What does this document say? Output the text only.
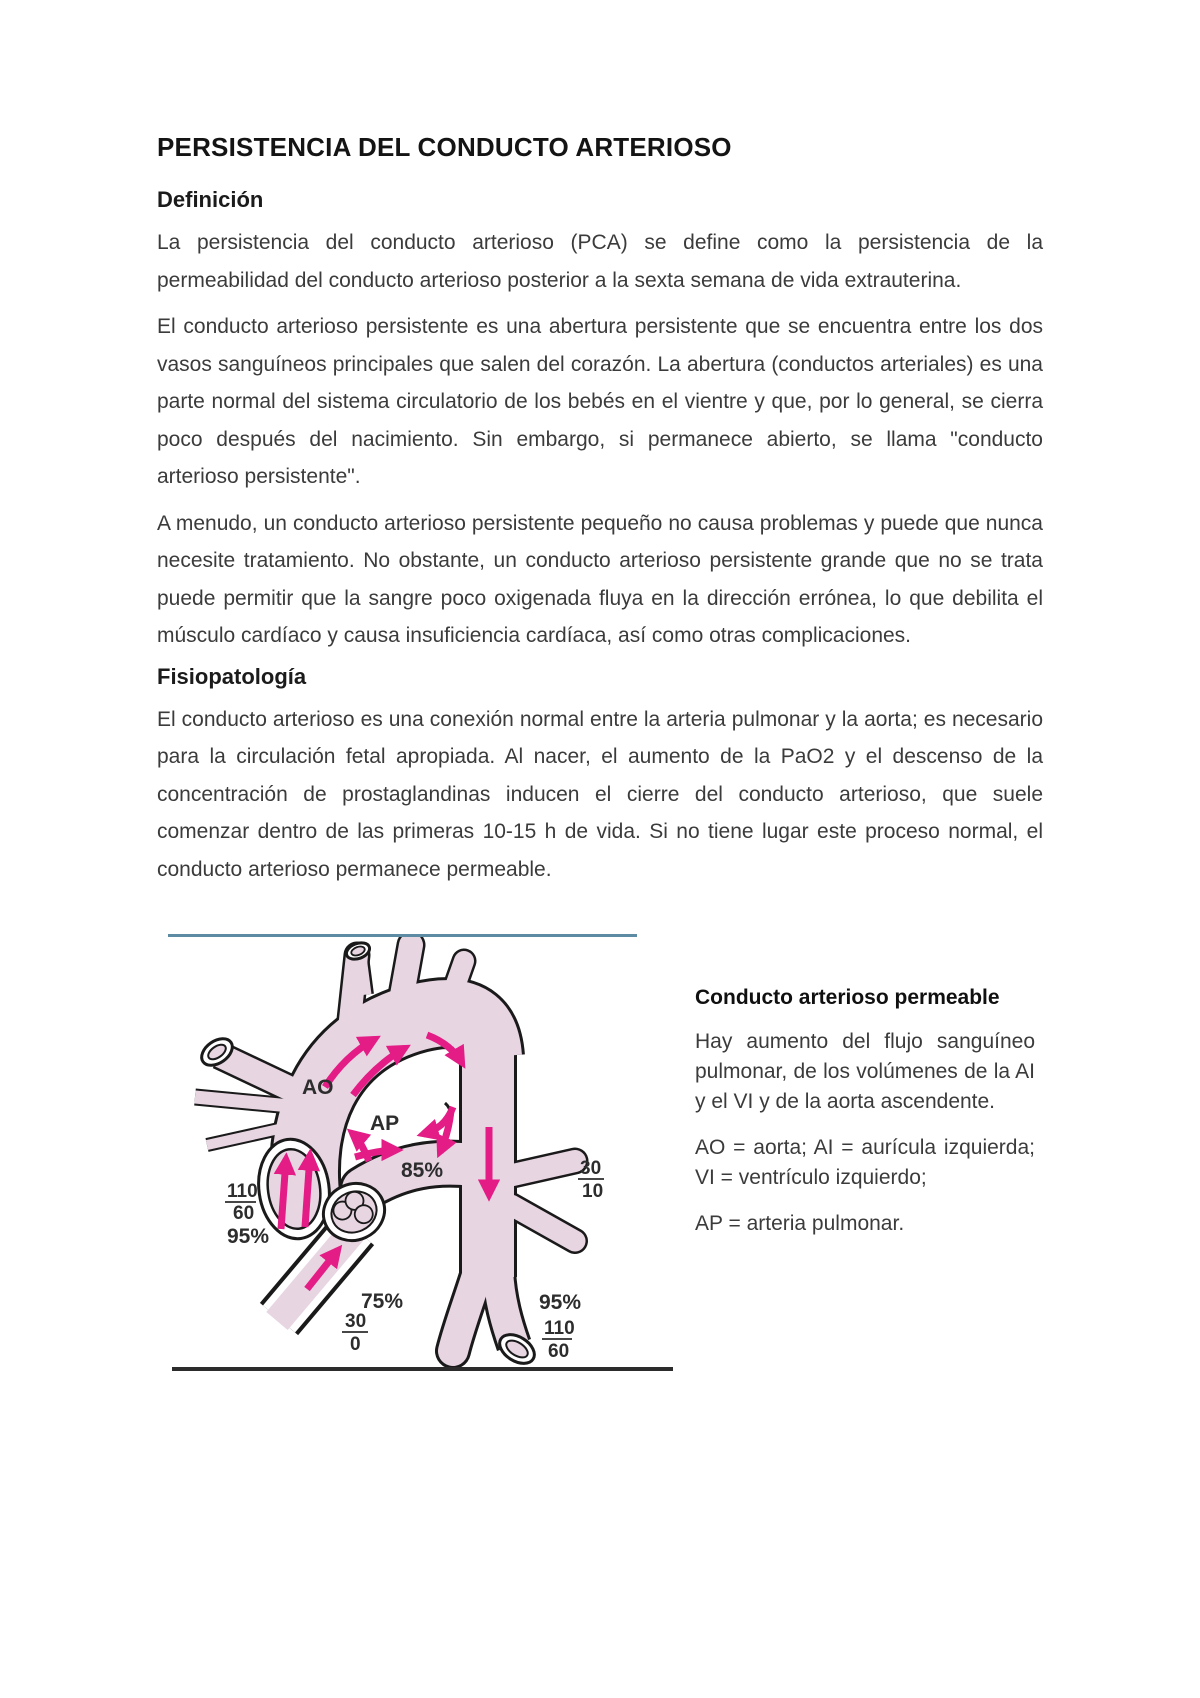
PERSISTENCIA DEL CONDUCTO ARTERIOSO
Definición

La persistencia del conducto arterioso (PCA) se define como la persistencia de la permeabilidad del conducto arterioso posterior a la sexta semana de vida extrauterina.

El conducto arterioso persistente es una abertura persistente que se encuentra entre los dos vasos sanguíneos principales que salen del corazón. La abertura (conductos arteriales) es una parte normal del sistema circulatorio de los bebés en el vientre y que, por lo general, se cierra poco después del nacimiento. Sin embargo, si permanece abierto, se llama "conducto arterioso persistente".

A menudo, un conducto arterioso persistente pequeño no causa problemas y puede que nunca necesite tratamiento. No obstante, un conducto arterioso persistente grande que no se trata puede permitir que la sangre poco oxigenada fluya en la dirección errónea, lo que debilita el músculo cardíaco y causa insuficiencia cardíaca, así como otras complicaciones.

Fisiopatología

El conducto arterioso es una conexión normal entre la arteria pulmonar y la aorta; es necesario para la circulación fetal apropiada. Al nacer, el aumento de la PaO2 y el descenso de la concentración de prostaglandinas inducen el cierre del conducto arterioso, que suele comenzar dentro de las primeras 10-15 h de vida. Si no tiene lugar este proceso normal, el conducto arterioso permanece permeable.

AO
AP
85%
110
60
95%
30
10
75%
30
0
95%
110
60
Conducto arterioso permeable

Hay aumento del flujo sanguíneo pulmonar, de los volúmenes de la AI y el VI y de la aorta ascendente.

AO = aorta; AI = aurícula izquierda; VI = ventrículo izquierdo;

AP = arteria pulmonar.
